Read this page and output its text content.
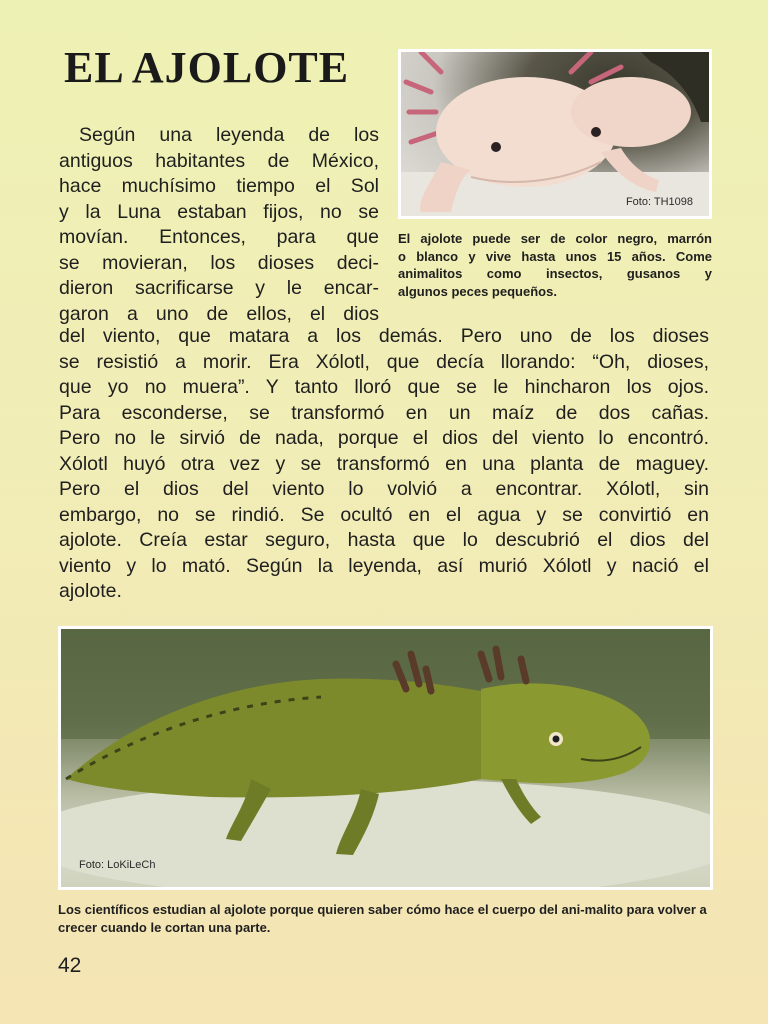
EL AJOLOTE
Según una leyenda de los
antiguos habitantes de México,
hace muchísimo tiempo el Sol
y la Luna estaban fijos, no se
movían. Entonces, para que
se movieran, los dioses deci-
dieron sacrificarse y le encar-
garon a uno de ellos, el dios
Foto: TH1098
El ajolote puede ser de color negro, marrón
o blanco y vive hasta unos 15 años. Come
animalitos como insectos, gusanos y
algunos peces pequeños.
del viento, que matara a los demás. Pero uno de los dioses
se resistió a morir. Era Xólotl, que decía llorando: “Oh, dioses,
que yo no muera”. Y tanto lloró que se le hincharon los ojos.
Para esconderse, se transformó en un maíz de dos cañas.
Pero no le sirvió de nada, porque el dios del viento lo encontró.
Xólotl huyó otra vez y se transformó en una planta de maguey.
Pero el dios del viento lo volvió a encontrar. Xólotl, sin
embargo, no se rindió. Se ocultó en el agua y se convirtió en
ajolote. Creía estar seguro, hasta que lo descubrió el dios del
viento y lo mató. Según la leyenda, así murió Xólotl y nació el
ajolote.
Foto: LoKiLeCh

Los científicos estudian al ajolote porque quieren saber cómo hace el cuerpo del ani-malito para volver a crecer cuando le cortan una parte.

42
